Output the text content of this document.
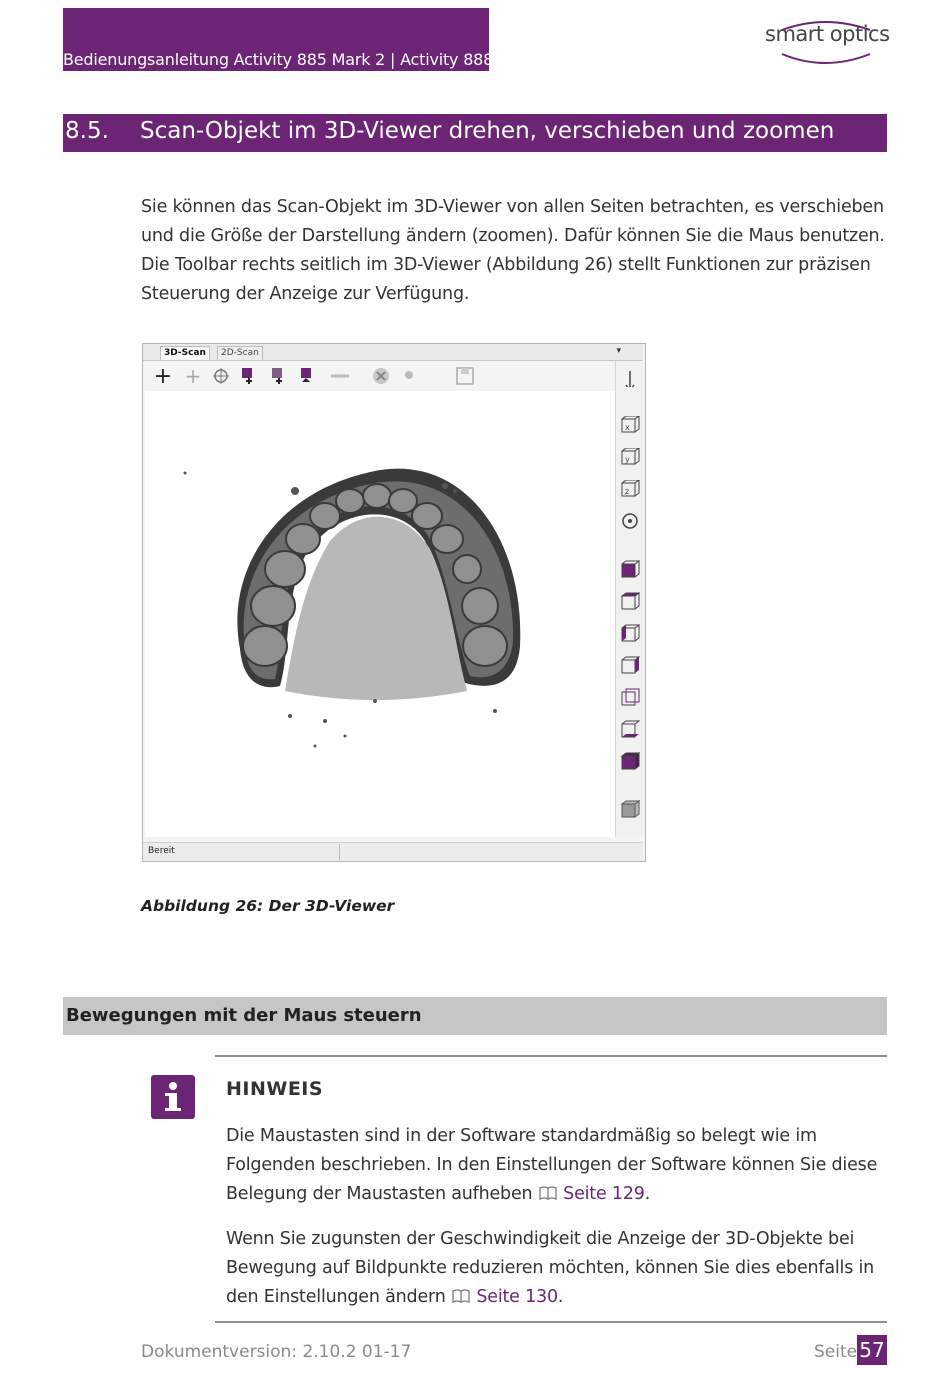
Bedienungsanleitung Activity 885 Mark 2 | Activity 888
smart optics
8.5. Scan-Objekt im 3D-Viewer drehen, verschieben und zoomen

Sie können das Scan-Objekt im 3D-Viewer von allen Seiten betrachten, es verschieben und die Größe der Darstellung ändern (zoomen). Dafür können Sie die Maus benutzen. Die Toolbar rechts seitlich im 3D-Viewer (Abbildung 26) stellt Funktionen zur präzisen Steuerung der Anzeige zur Verfügung.

3D-Scan	2D-Scan	▾
+ +
x
y
z
Bereit
Abbildung 26: Der 3D-Viewer
Bewegungen mit der Maus steuern
HINWEIS

Die Maustasten sind in der Software standardmäßig so belegt wie im Folgenden beschrieben. In den Einstellungen der Software können Sie diese Belegung der Maustasten aufheben Seite 129.

Wenn Sie zugunsten der Geschwindigkeit die Anzeige der 3D-Objekte bei Bewegung auf Bildpunkte reduzieren möchten, können Sie dies ebenfalls in den Einstellungen ändern Seite 130.

Dokumentversion: 2.10.2 01-17	Seite 57
